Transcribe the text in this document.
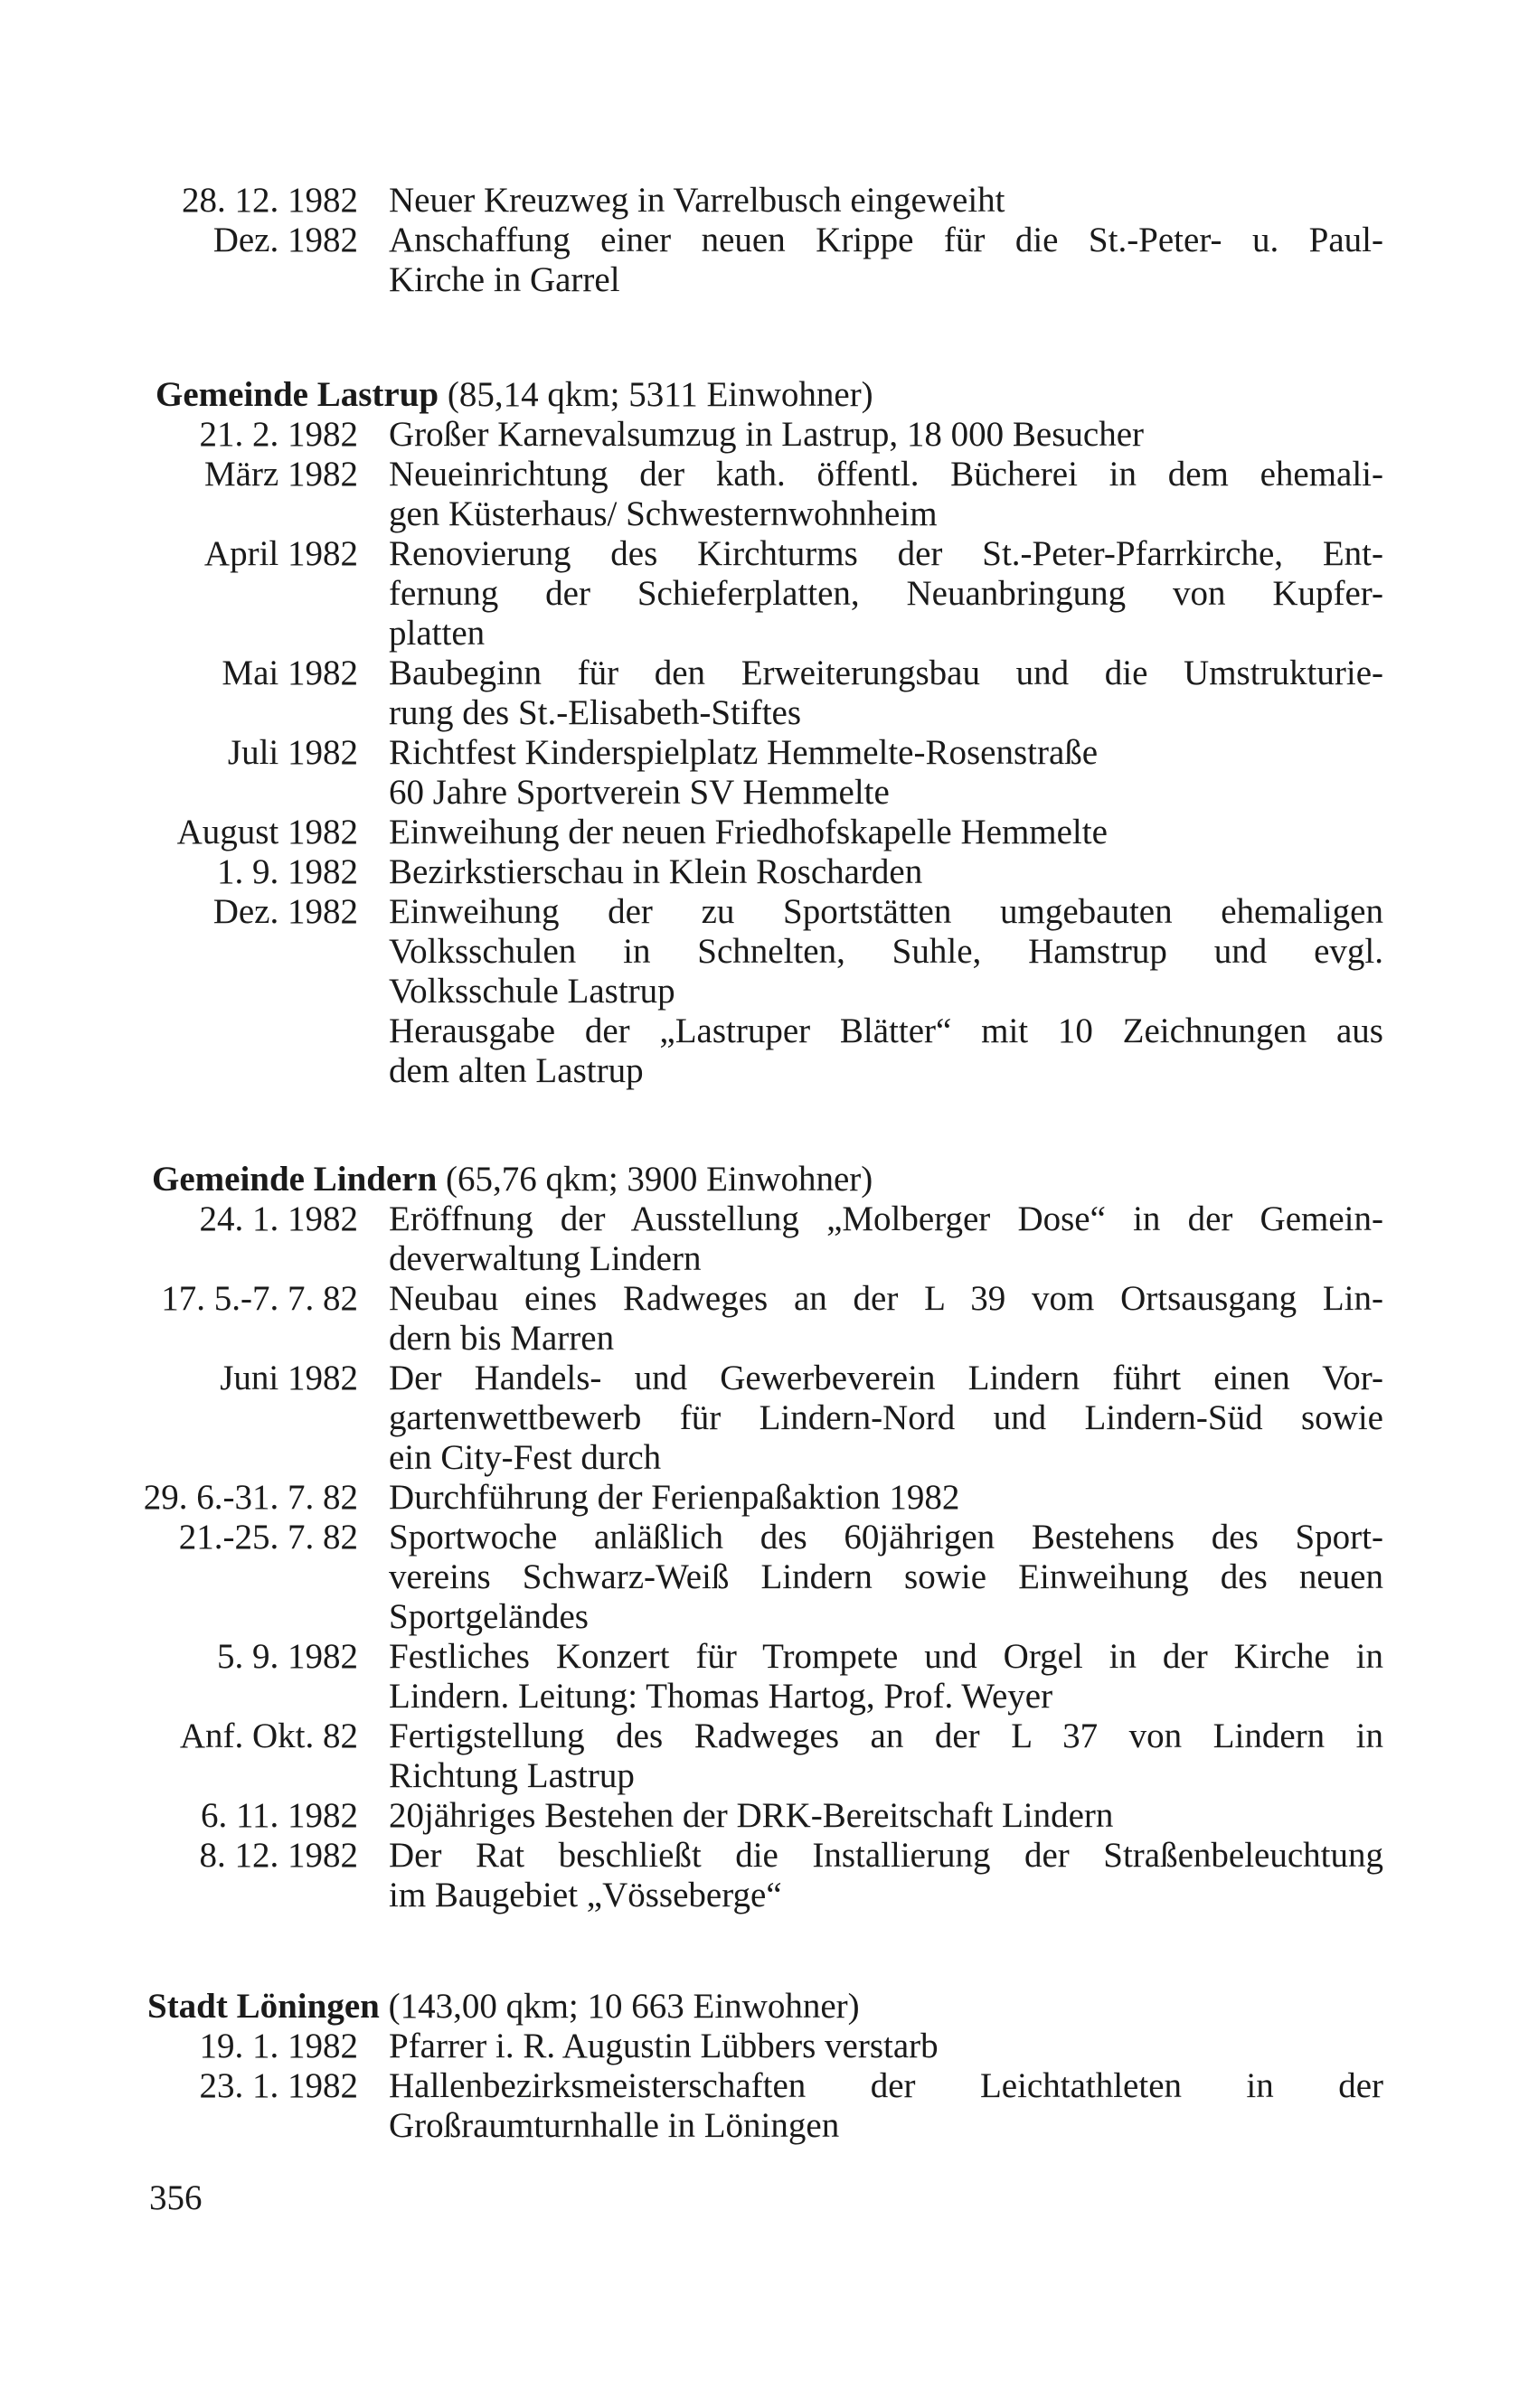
28. 12. 1982 Neuer Kreuzweg in Varrelbusch eingeweiht
Dez. 1982 Anschaffung einer neuen Krippe für die St.-Peter- u. Paul-
Kirche in Garrel
Gemeinde Lastrup (85,14 qkm; 5311 Einwohner)
21. 2. 1982 Großer Karnevalsumzug in Lastrup, 18 000 Besucher
März 1982 Neueinrichtung der kath. öffentl. Bücherei in dem ehemali-
gen Küsterhaus/ Schwesternwohnheim
April 1982 Renovierung des Kirchturms der St.-Peter-Pfarrkirche, Ent-
fernung der Schieferplatten, Neuanbringung von Kupfer-
platten
Mai 1982 Baubeginn für den Erweiterungsbau und die Umstrukturie-
rung des St.-Elisabeth-Stiftes
Juli 1982 Richtfest Kinderspielplatz Hemmelte-Rosenstraße
60 Jahre Sportverein SV Hemmelte
August 1982 Einweihung der neuen Friedhofskapelle Hemmelte
1. 9. 1982 Bezirkstierschau in Klein Roscharden
Dez. 1982 Einweihung der zu Sportstätten umgebauten ehemaligen
Volksschulen in Schnelten, Suhle, Hamstrup und evgl.
Volksschule Lastrup
Herausgabe der „Lastruper Blätter“ mit 10 Zeichnungen aus
dem alten Lastrup
Gemeinde Lindern (65,76 qkm; 3900 Einwohner)
24. 1. 1982 Eröffnung der Ausstellung „Molberger Dose“ in der Gemein-
deverwaltung Lindern
17. 5.-7. 7. 82 Neubau eines Radweges an der L 39 vom Ortsausgang Lin-
dern bis Marren
Juni 1982 Der Handels- und Gewerbeverein Lindern führt einen Vor-
gartenwettbewerb für Lindern-Nord und Lindern-Süd sowie
ein City-Fest durch
29. 6.-31. 7. 82 Durchführung der Ferienpaßaktion 1982
21.-25. 7. 82 Sportwoche anläßlich des 60jährigen Bestehens des Sport-
vereins Schwarz-Weiß Lindern sowie Einweihung des neuen
Sportgeländes
5. 9. 1982 Festliches Konzert für Trompete und Orgel in der Kirche in
Lindern. Leitung: Thomas Hartog, Prof. Weyer
Anf. Okt. 82 Fertigstellung des Radweges an der L 37 von Lindern in
Richtung Lastrup
6. 11. 1982 20jähriges Bestehen der DRK-Bereitschaft Lindern
8. 12. 1982 Der Rat beschließt die Installierung der Straßenbeleuchtung
im Baugebiet „Vösseberge“
Stadt Löningen (143,00 qkm; 10 663 Einwohner)
19. 1. 1982 Pfarrer i. R. Augustin Lübbers verstarb
23. 1. 1982 Hallenbezirksmeisterschaften der Leichtathleten in der
Großraumturnhalle in Löningen
356
